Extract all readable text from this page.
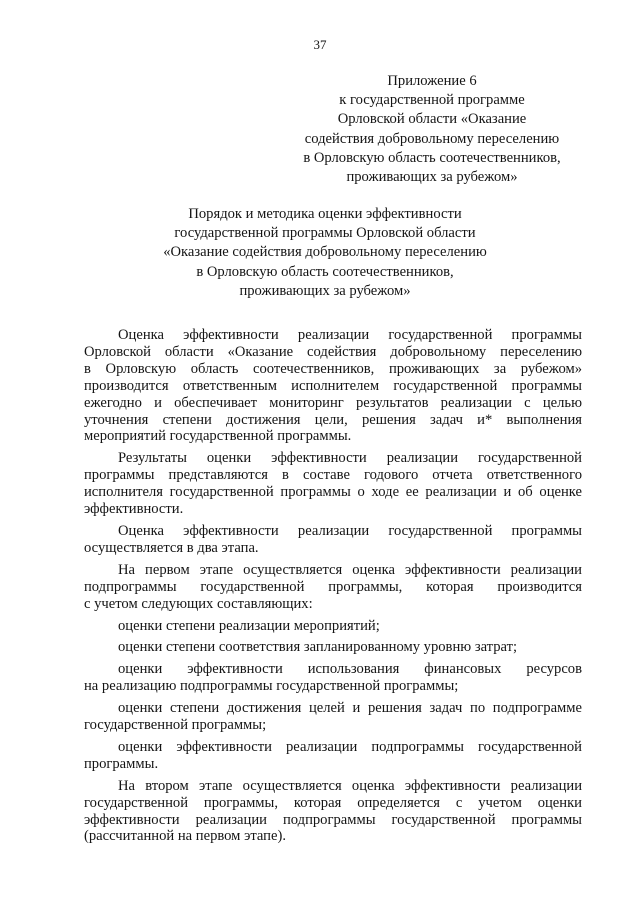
37
Приложение 6
к государственной программе
Орловской области «Оказание
содействия добровольному переселению
в Орловскую область соотечественников,
проживающих за рубежом»
Порядок и методика оценки эффективности
государственной программы Орловской области
«Оказание содействия добровольному переселению
в Орловскую область соотечественников,
проживающих за рубежом»
Оценка эффективности реализации государственной программы
Орловской области «Оказание содействия добровольному переселению
в Орловскую область соотечественников, проживающих за рубежом»
производится ответственным исполнителем государственной программы
ежегодно и обеспечивает мониторинг результатов реализации с целью
уточнения степени достижения цели, решения задач и* выполнения
мероприятий государственной программы.
Результаты оценки эффективности реализации государственной
программы представляются в составе годового отчета ответственного
исполнителя государственной программы о ходе ее реализации и об оценке
эффективности.
Оценка эффективности реализации государственной программы
осуществляется в два этапа.
На первом этапе осуществляется оценка эффективности реализации
подпрограммы государственной программы, которая производится
с учетом следующих составляющих:
оценки степени реализации мероприятий;
оценки степени соответствия запланированному уровню затрат;
оценки эффективности использования финансовых ресурсов
на реализацию подпрограммы государственной программы;
оценки степени достижения целей и решения задач по подпрограмме
государственной программы;
оценки эффективности реализации подпрограммы государственной
программы.
На втором этапе осуществляется оценка эффективности реализации
государственной программы, которая определяется с учетом оценки
эффективности реализации подпрограммы государственной программы
(рассчитанной на первом этапе).
